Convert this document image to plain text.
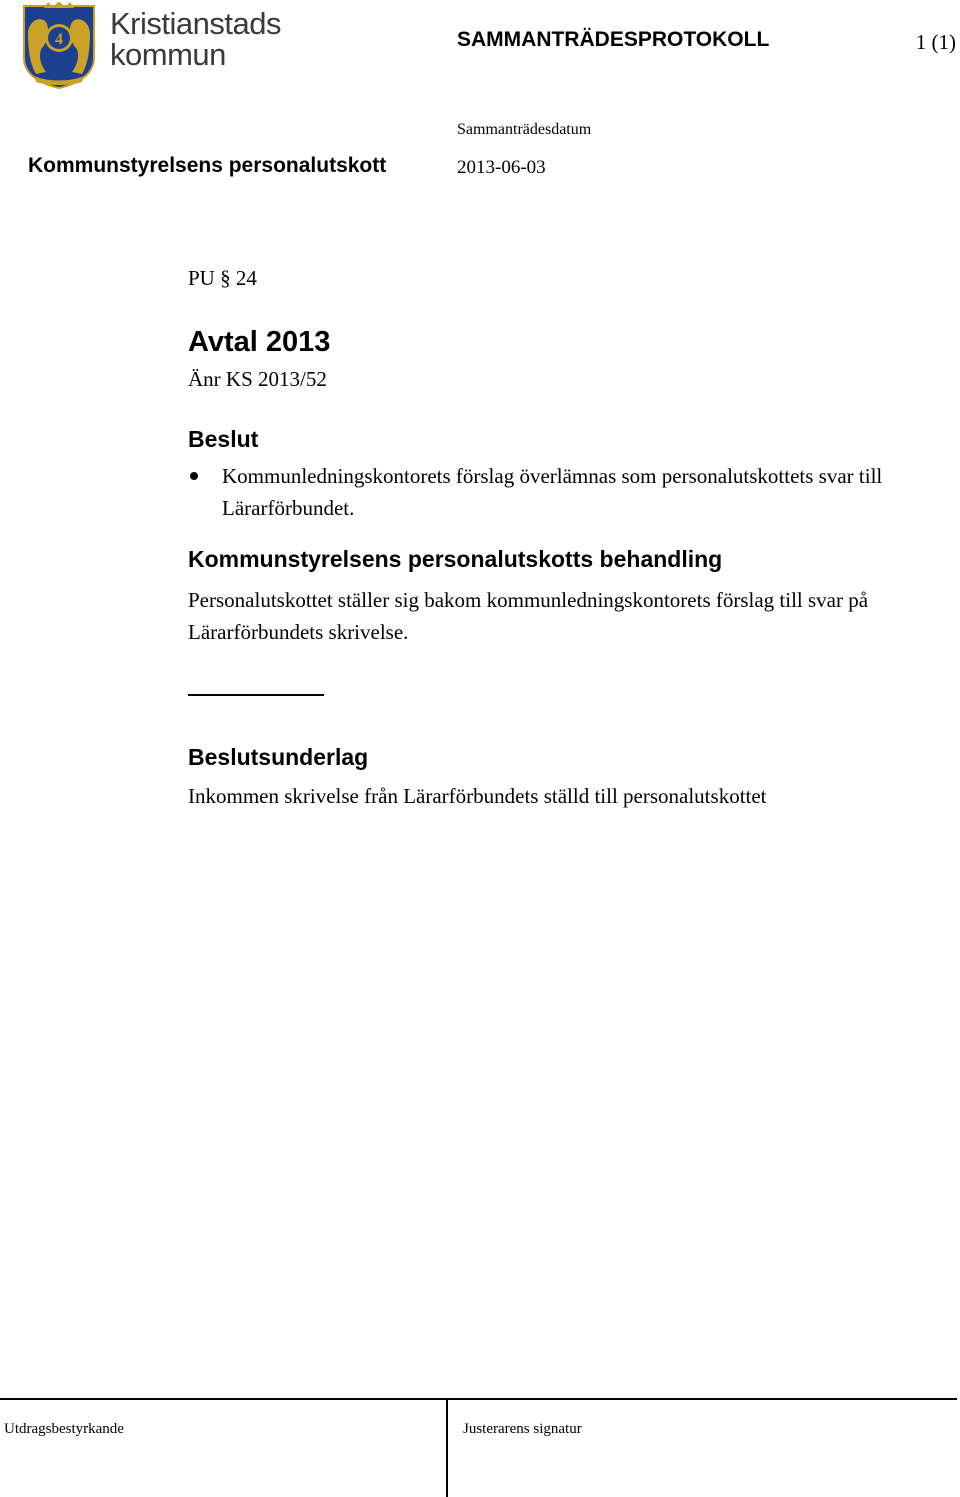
4 Kristianstads
kommun	SAMMANTRÄDESPROTOKOLL	1 (1)
Sammanträdesdatum
Kommunstyrelsens personalutskott	2013-06-03

PU § 24

Avtal 2013

Änr KS 2013/52

Beslut
Kommunledningskontorets förslag överlämnas som personalutskottets svar till Lärarförbundet.
Kommunstyrelsens personalutskotts behandling

Personalutskottet ställer sig bakom kommunledningskontorets förslag till svar på Lärarförbundets skrivelse.

Beslutsunderlag

Inkommen skrivelse från Lärarförbundets ställd till personalutskottet

Utdragsbestyrkande	Justerarens signatur
